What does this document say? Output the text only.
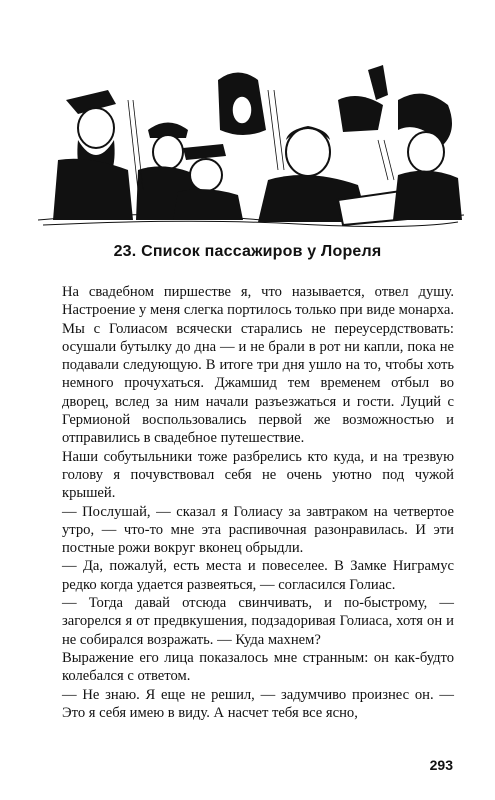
23. Список пассажиров у Лореля

На свадебном пиршестве я, что называется, отвел душу. Настроение у меня слегка портилось только при виде монарха. Мы с Голиасом всячески старались не переусердствовать: осушали бутылку до дна — и не брали в рот ни капли, пока не подавали следующую. В итоге три дня ушло на то, чтобы хоть немного прочухаться. Джамшид тем временем отбыл во дворец, вслед за ним начали разъезжаться и гости. Луций с Гермионой воспользовались первой же возможностью и отправились в свадебное путешествие.

Наши собутыльники тоже разбрелись кто куда, и на трезвую голову я почувствовал себя не очень уютно под чужой крышей.

— Послушай, — сказал я Голиасу за завтраком на четвертое утро, — что-то мне эта распивочная разонравилась. И эти постные рожи вокруг вконец обрыдли.

— Да, пожалуй, есть места и повеселее. В Замке Ниграмус редко когда удается развеяться, — согласился Голиас.

— Тогда давай отсюда свинчивать, и по-быстрому, — загорелся я от предвкушения, подзадоривая Голиаса, хотя он и не собирался возражать. — Куда махнем?

Выражение его лица показалось мне странным: он как-будто колебался с ответом.

— Не знаю. Я еще не решил, — задумчиво произнес он. — Это я себя имею в виду. А насчет тебя все ясно,

293
